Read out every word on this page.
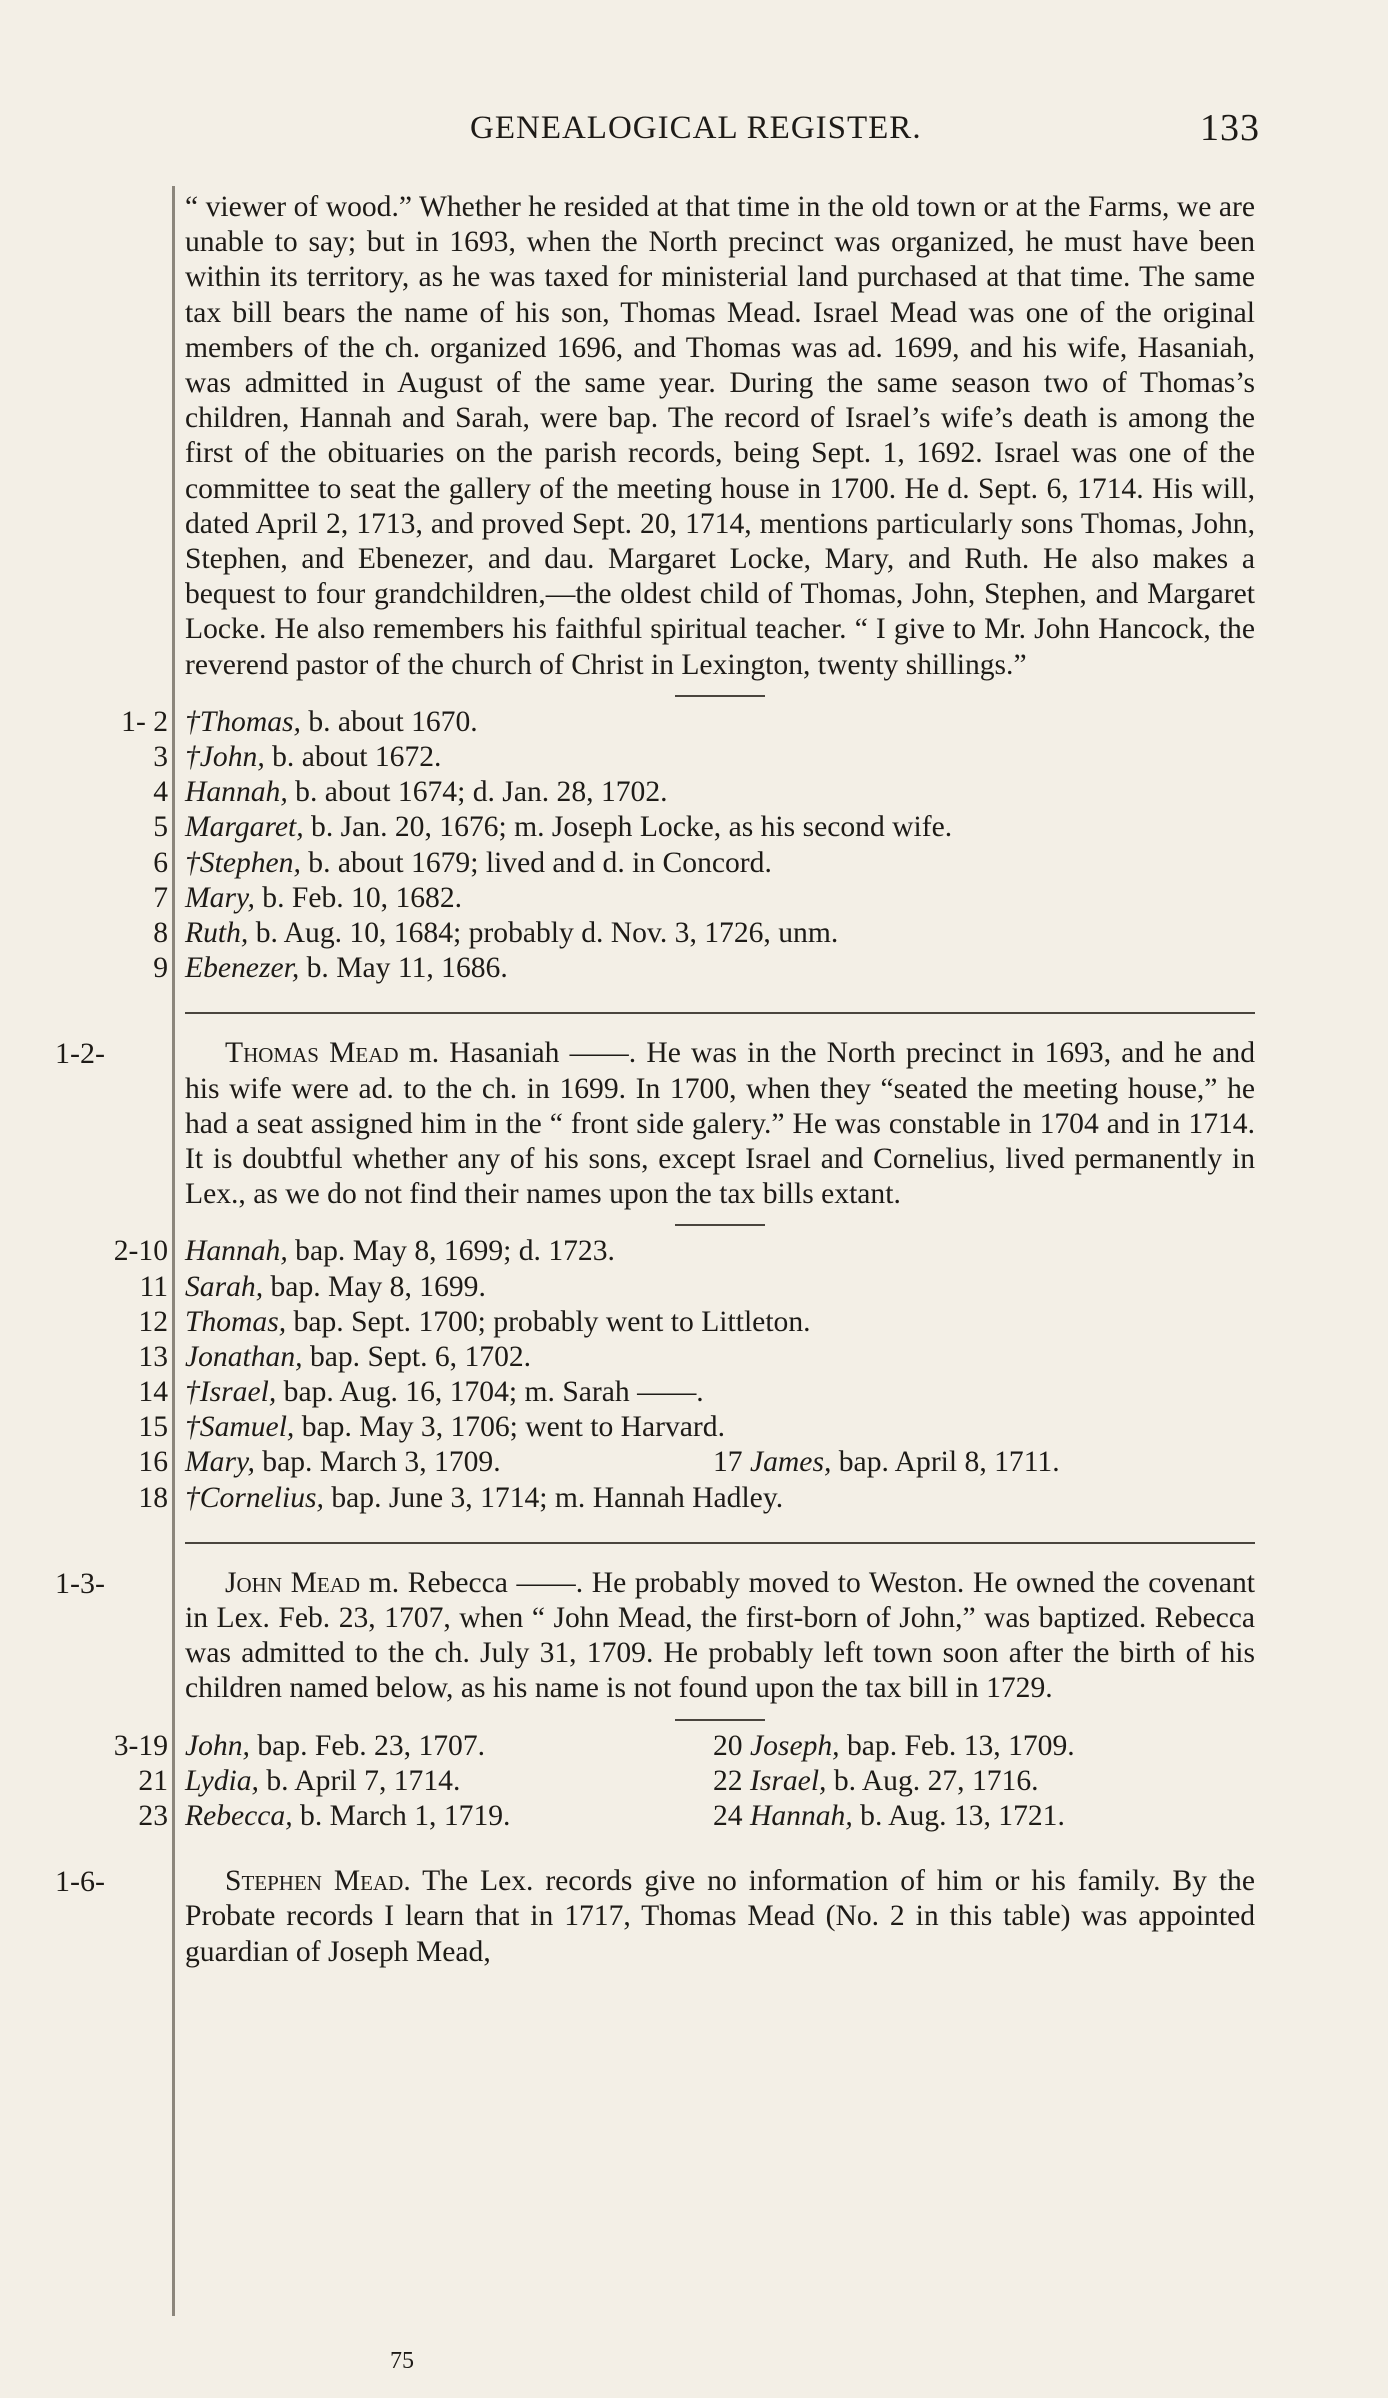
GENEALOGICAL REGISTER.	133

“ viewer of wood.” Whether he resided at that time in the old town or at the Farms, we are unable to say; but in 1693, when the North precinct was organized, he must have been within its territory, as he was taxed for ministerial land purchased at that time. The same tax bill bears the name of his son, Thomas Mead. Israel Mead was one of the original members of the ch. organized 1696, and Thomas was ad. 1699, and his wife, Hasaniah, was admitted in August of the same year. During the same season two of Thomas’s children, Hannah and Sarah, were bap. The record of Israel’s wife’s death is among the first of the obituaries on the parish records, being Sept. 1, 1692. Israel was one of the committee to seat the gallery of the meeting house in 1700. He d. Sept. 6, 1714. His will, dated April 2, 1713, and proved Sept. 20, 1714, mentions particularly sons Thomas, John, Stephen, and Ebenezer, and dau. Margaret Locke, Mary, and Ruth. He also makes a bequest to four grandchildren,—the oldest child of Thomas, John, Stephen, and Margaret Locke. He also remembers his faithful spiritual teacher. “ I give to Mr. John Hancock, the reverend pastor of the church of Christ in Lexington, twenty shillings.”

1- 2 †Thomas, b. about 1670.
3 †John, b. about 1672.
4 Hannah, b. about 1674; d. Jan. 28, 1702.
5 Margaret, b. Jan. 20, 1676; m. Joseph Locke, as his second wife.
6 †Stephen, b. about 1679; lived and d. in Concord.
7 Mary, b. Feb. 10, 1682.
8 Ruth, b. Aug. 10, 1684; probably d. Nov. 3, 1726, unm.
9 Ebenezer, b. May 11, 1686.
1-2-	Thomas Mead m. Hasaniah ——. He was in the North precinct in 1693, and he and his wife were ad. to the ch. in 1699. In 1700, when they “seated the meeting house,” he had a seat assigned him in the “ front side galery.” He was constable in 1704 and in 1714. It is doubtful whether any of his sons, except Israel and Cornelius, lived permanently in Lex., as we do not find their names upon the tax bills extant.

2-10 Hannah, bap. May 8, 1699; d. 1723.
11 Sarah, bap. May 8, 1699.
12 Thomas, bap. Sept. 1700; probably went to Littleton.
13 Jonathan, bap. Sept. 6, 1702.
14 †Israel, bap. Aug. 16, 1704; m. Sarah ——.
15 †Samuel, bap. May 3, 1706; went to Harvard.
16 Mary, bap. March 3, 1709.	17 James, bap. April 8, 1711.
18 †Cornelius, bap. June 3, 1714; m. Hannah Hadley.
1-3-	John Mead m. Rebecca ——. He probably moved to Weston. He owned the covenant in Lex. Feb. 23, 1707, when “ John Mead, the first-born of John,” was baptized. Rebecca was admitted to the ch. July 31, 1709. He probably left town soon after the birth of his children named below, as his name is not found upon the tax bill in 1729.

3-19 John, bap. Feb. 23, 1707.	20 Joseph, bap. Feb. 13, 1709.
21 Lydia, b. April 7, 1714.	22 Israel, b. Aug. 27, 1716.
23 Rebecca, b. March 1, 1719.	24 Hannah, b. Aug. 13, 1721.
1-6-	Stephen Mead. The Lex. records give no information of him or his family. By the Probate records I learn that in 1717, Thomas Mead (No. 2 in this table) was appointed guardian of Joseph Mead,

75
